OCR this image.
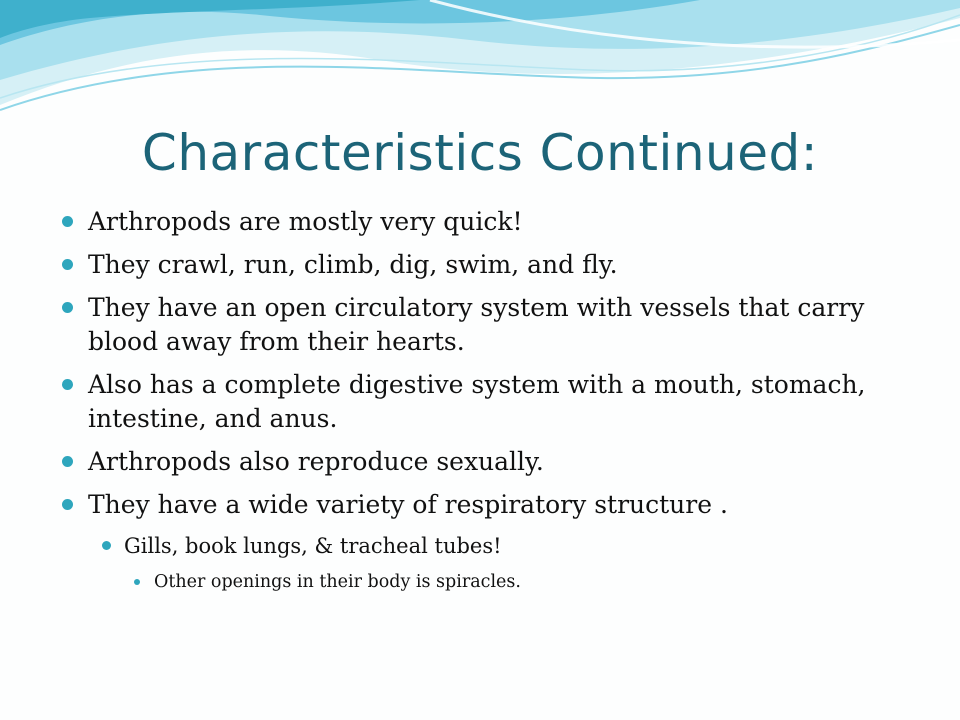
Characteristics Continued:
Arthropods are mostly very quick!
They crawl, run, climb, dig, swim, and fly.
They have an open circulatory system with vessels that carry blood away from their hearts.
Also has a complete digestive system with a mouth, stomach, intestine, and anus.
Arthropods also reproduce sexually.
They have a wide variety of respiratory structure .
Gills, book lungs, & tracheal tubes!
Other openings in their body is spiracles.
